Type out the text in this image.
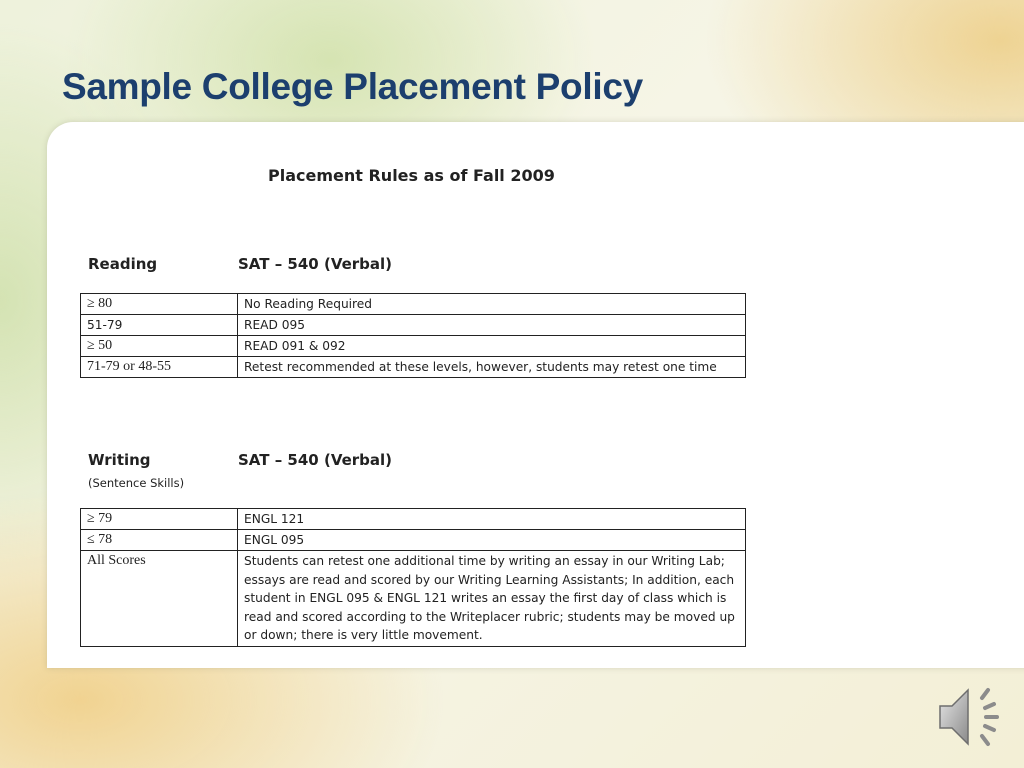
Sample College Placement Policy
Placement Rules as of Fall 2009
Reading	SAT – 540 (Verbal)
≥ 80	No Reading Required
51-79	READ 095
≥ 50	READ 091 & 092
71-79 or 48-55	Retest recommended at these levels, however, students may retest one time
Writing	SAT – 540 (Verbal)
(Sentence Skills)
≥ 79	ENGL 121
≤ 78	ENGL 095
All Scores	Students can retest one additional time by writing an essay in our Writing Lab; essays are read and scored by our Writing Learning Assistants; In addition, each student in ENGL 095 & ENGL 121 writes an essay the first day of class which is read and scored according to the Writeplacer rubric; students may be moved up or down; there is very little movement.
